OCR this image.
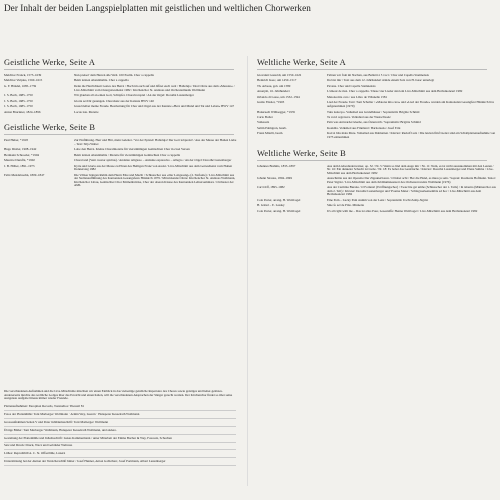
Der Inhalt der beiden Langspielplatten mit geistlichen und weltlichen Chorwerken
Geistliche Werke, Seite A
Melchior Franck, 1573–1639	Nun preiset' dem Herren alle Welt. 100 Psalm. Chor a cappella
Melchior Vulpius, 1560–1615	Beim letzten Abendmahle. Chor a cappella
G. F. Händel, 1685–1759	Denn die Herrlichkeit Gottes des Herrn / Hoch im euch auf und öffnet euch weit / Halleluja / Drei Chöre aus dem »Messias« / Live-Mitschnitt vom Ostergottesdienst 1982 / Kirchenchor St. Andreas und Orchestermusik Wollmann
J. S. Bach, 1685–1750	Wir glauben all an einen Gott, Schöpfer. Choralvorspiel / An der Orgel: Dorothé Lustenberger
J. S. Bach, 1685–1750	Gloria sei Dir gesungen. Choralsatz aus der Kantate BWV 140
J. S. Bach, 1685–1750	Jesus bleibet meine Freude. Bearbeitung für Chor und Orgel aus der Kantate »Herz und Mund und Tat und Leben« BWV 147
Anton Bruckner, 1824–1896	Locus iste. Motette
Geistliche Werke, Seite B
Paul Huber, *1918	Zur Einführung. Herr und Hirt, mein Geleiter / Vor der Epistel: Halleluja! Der Gott lobpreist! / Aus der Messe der Hohen Liebe – Text: Silja Walter
Hugo Distler, 1908–1942	Lobe den Herrn. Kleine Choralmotette für vierstimmigen Gemischten Chor in zwei Versen
Hermann Schroeder, *1904	Beim letzten Abendmahle / Motette für vierstimmigen Gemischten Chor a cappella
Maurice Duruflé, *1902	Choral und (Vent creator spiritus) / Andante religioso – Andante espressivo – Allegro / An der Orgel: Dorothé Lustenberger
J. B. Hilber, 1891–1973	Kyrie und Gloria aus der Messe zu Ehren des Heiligen Franz von Assisi / Live-Mitschnitt aus dem Gottesdienst vom Hohen Donnerstag 1982
Felix Mendelssohn, 1809–1847	Die Völker bringen Ruhm dem Herrn Ehre und Macht / Schlusschor aus »Der Lobgesang« (2. Sinfonie) / Live-Mitschnitt aus der Stellenaufführung des Kantonalen Gesangsfests Hitzkirch 1979 / Mitwirkende Chöre: Kirchenchor St. Andreas Wollmann, Kirchenchor Littau, Gemischter Chor Emmenbrücke, Chor der oberen Klasse des Kantonalen Lehrerseminars / Orchester der AML
Weltliche Werke, Seite A
Giovanni Gastoldi, um 1550–1622	Fahren wir froh im Nachen, aus Balletti à 5 voci / Chor und Capella Stamnensis
Heinrich Isaac, um 1450–1517	Da bist mir / Text aus dem 12. Jahrhundert stände einem Satz von H. Isaac unterlegt
Th. Arbeau, geb. um 1589	Pavane. Chor und Capella Stamnensis
Anonym, 16. Jahrhundert	L'amour de moi. Chor a cappella / Diese vier Lieder sind ein Live-Mitschnitt aus dem Herbstkonzert 1982
Orlando di Lasso, um 1532–1594	Matona mia cara / aus Libro de Villanelle 1581
Guido Fässler, *1903	Lied der Freude. Text: Toni Schaller / »Matona mia cara« und »Lied der Freude« wurden am Kantonalen Gesangfest Hitzkirch live aufgenommen (1979)
Hansruedi Willisegger, *1935	Tutu nana ipo. Volkslied aus Grundhäuser / Sopranistin: Brigitte Schmid
Carlo Boller	Te voici regravers. Volkslied aus der Westschweiz
Volkssatz	Pein was Antwarder kleebe, aus Österreich / Sopranistin: Brigitte Schmid
Selim Palmgren, bearb.	Koskilta. Volkslied aus Finnland / Baritonsolo: Josef Erni
Franz Mitelli, bearb.	Kad si bila mala Mare. Volkslied aus Dalmatien / Klavier: Rudolf Lutz / Die letzten fünf Lieder sind ein Schallplattenaufnahme von 1973 entnommen
Weltliche Werke, Seite B
Johannes Brahms, 1833–1897	Aus dem Liebesliederwalzer, op. 52 / Nr. 5: Wenn so lind dein Auge mir / Nr. 11: Nein, es ist nicht auszukommen mit den Leuten / Nr. 16: Ein dunkeler Schacht ist Liebe / Nr. 18: Es bebet das Gesträuche / Klavier: Dorothé Lustenberger und Elena Sulima / Live-Mitschnitt aus dem Herbstkonzert 1982
Johann Strauss, 1804–1849	Ausschnitte aus der Operette Der Zigeunerbaron / O habet acht / Her die Hand, es muss ja sein / Sopran: Rosmarie Hofmann. Tenor: Peter Sigrist / Live-Mitschnitt aus dem Jubiläumskonzert des Orchestervereins Wollmann (1976)
Carl Orff, 1895–1982	Aus der Carmina Burana / O Fortuna! (Eröffnungschor) / Swaz hie gat umbe (Schlusschor der 1. Teils) / In taberna (Männerchor aus dem 2. Teil) / Klavier: Dorothé Lustenberger und Yvonne Maier / Schlagwerkensemble ad hoc / Live-Mitschnitt aus dem Herbstkonzert 1982
Cole Porter, arrang. H. Waldvogel	Eine Pom – Lucky Pain stumm von der Lenz / Sopranistin: Uschi Zemp-Sigrist
H. Gärtel – E. Lassky	Sine fo sel de Pitte. Minnette
Cole Porter, arrang. H. Waldvogel	It's all right with me – Das ist alles Pour, Leseeniffe: Henne Waldvogel / Live-Mitschnitt aus dem Herbstkonzert 1982

Die verschiedenen Aufnahmen und die Live-Mitschnitte mischten wir einen Einblick in das vielseitige geistliche Repertoire des Chores sowie geistiges und heiter-gelöstes. Andererseits möchte das weltliche Lodges über das Erreicht und einen halten, will die verschiedenen Ansprachen der Sänger gerecht werden. Der Kirchenchor findet so über seine ureigenste Aufgabe hinaus immer wieder Freunde.

Plattenaufnahmen: Europhon Records, Tonstudios: Theresil 81

Fotos der Plattenhülle: Toni Marbergec Wollmann · Armin Wey, Luzern · Hanspeter Kesselrath Wollmann

Grossaufnahmen Seiten V und Peter Jubiläumsschrift: Toni Marbergec Wollmann

Übrige Bilder: Toni Marbergec Wollmann, Hanspeter Kesselrath Wollmann, und andere.

Gestaltung der Plattenhülle und Inhaltsschrift: Lukas Kammermann / unter Mitarbeit der Emma Bucher & Wey, Fotosatz, Schachen

Satz und Druck: Druck, Wacz und Gebrüder Weltruss

Lithos: Reprolithill A. C. St. Offsetlithe, Luzern

Unterstützung bei der Aktion der Versicherschäft hinter / Josef Hunner, Anton Gallscherr, Josef Portmann, Albert Lustenberger
